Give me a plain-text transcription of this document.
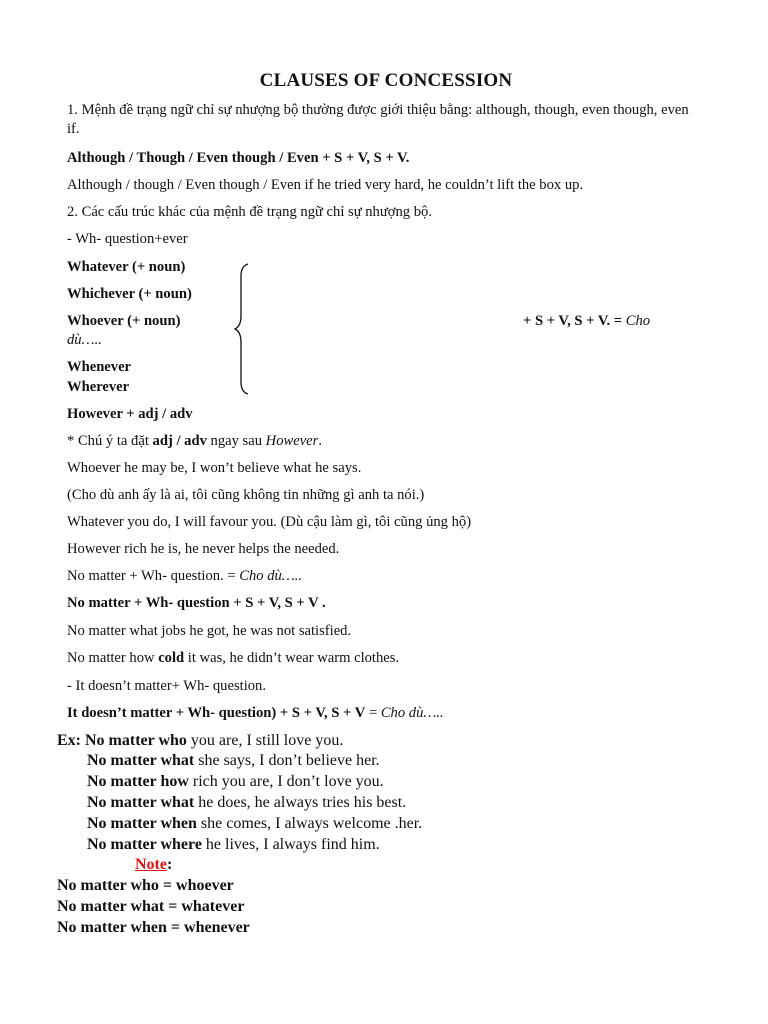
CLAUSES OF CONCESSION
1. Mệnh đề trạng ngữ chỉ sự nhượng bộ thường được giới thiệu bằng: although, though, even though, even if.
Although / Though / Even though / Even + S + V, S + V.
Although / though / Even though / Even if he tried very hard, he couldn’t lift the box up.
2. Các cấu trúc khác của mệnh đề trạng ngữ chỉ sự nhượng bộ.
- Wh- question+ever
Whatever (+ noun)
Whichever (+ noun)
Whoever (+ noun)
dù…..
Whenever
Wherever
+ S + V, S + V. = Cho
However + adj / adv
* Chú ý ta đặt adj / adv ngay sau However.
Whoever he may be, I won’t believe what he says.
(Cho dù anh ấy là ai, tôi cũng không tin những gì anh ta nói.)
Whatever you do, I will favour you. (Dù cậu làm gì, tôi cũng ủng hộ)
However rich he is, he never helps the needed.
No matter + Wh- question. = Cho dù…..
No matter + Wh- question + S + V, S + V .
No matter what jobs he got, he was not satisfied.
No matter how cold it was, he didn’t wear warm clothes.
- It doesn’t matter+ Wh- question.
It doesn’t matter + Wh- question) + S + V, S + V = Cho dù…..
Ex: No matter who you are, I still love you.
No matter what she says, I don’t believe her.
No matter how rich you are, I don’t love you.
No matter what he does, he always tries his best.
No matter when she comes, I always welcome .her.
No matter where he lives, I always find him.
Note:
No matter who = whoever
No matter what = whatever
No matter when = whenever
